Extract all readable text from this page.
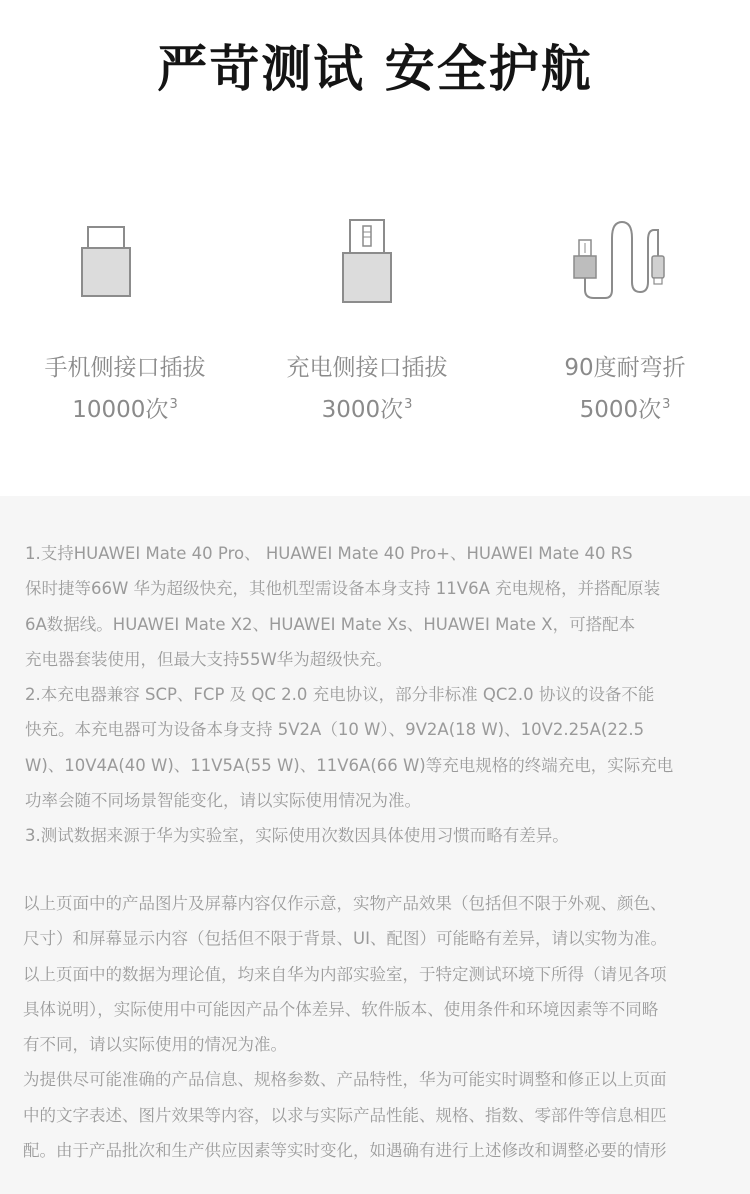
严苛测试 安全护航
手机侧接口插拔
10000次$^3$
充电侧接口插拔
3000次$^3$
90度耐弯折
5000次$^3$
1.支持HUAWEI Mate 40 Pro、 HUAWEI Mate 40 Pro+、HUAWEI Mate 40 RS
保时捷等66W 华为超级快充，其他机型需设备本身支持 11V6A 充电规格，并搭配原装
6A数据线。HUAWEI Mate X2、HUAWEI Mate Xs、HUAWEI Mate X，可搭配本
充电器套装使用，但最大支持55W华为超级快充。
2.本充电器兼容 SCP、FCP 及 QC 2.0 充电协议，部分非标准 QC2.0 协议的设备不能
快充。本充电器可为设备本身支持 5V2A（10 W）、9V2A(18 W)、10V2.25A(22.5
W)、10V4A(40 W)、11V5A(55 W)、11V6A(66 W)等充电规格的终端充电，实际充电
功率会随不同场景智能变化，请以实际使用情况为准。
3.测试数据来源于华为实验室，实际使用次数因具体使用习惯而略有差异。
以上页面中的产品图片及屏幕内容仅作示意，实物产品效果（包括但不限于外观、颜色、
尺寸）和屏幕显示内容（包括但不限于背景、UI、配图）可能略有差异，请以实物为准。
以上页面中的数据为理论值，均来自华为内部实验室，于特定测试环境下所得（请见各项
具体说明），实际使用中可能因产品个体差异、软件版本、使用条件和环境因素等不同略
有不同，请以实际使用的情况为准。
为提供尽可能准确的产品信息、规格参数、产品特性，华为可能实时调整和修正以上页面
中的文字表述、图片效果等内容，以求与实际产品性能、规格、指数、零部件等信息相匹
配。由于产品批次和生产供应因素等实时变化，如遇确有进行上述修改和调整必要的情形
